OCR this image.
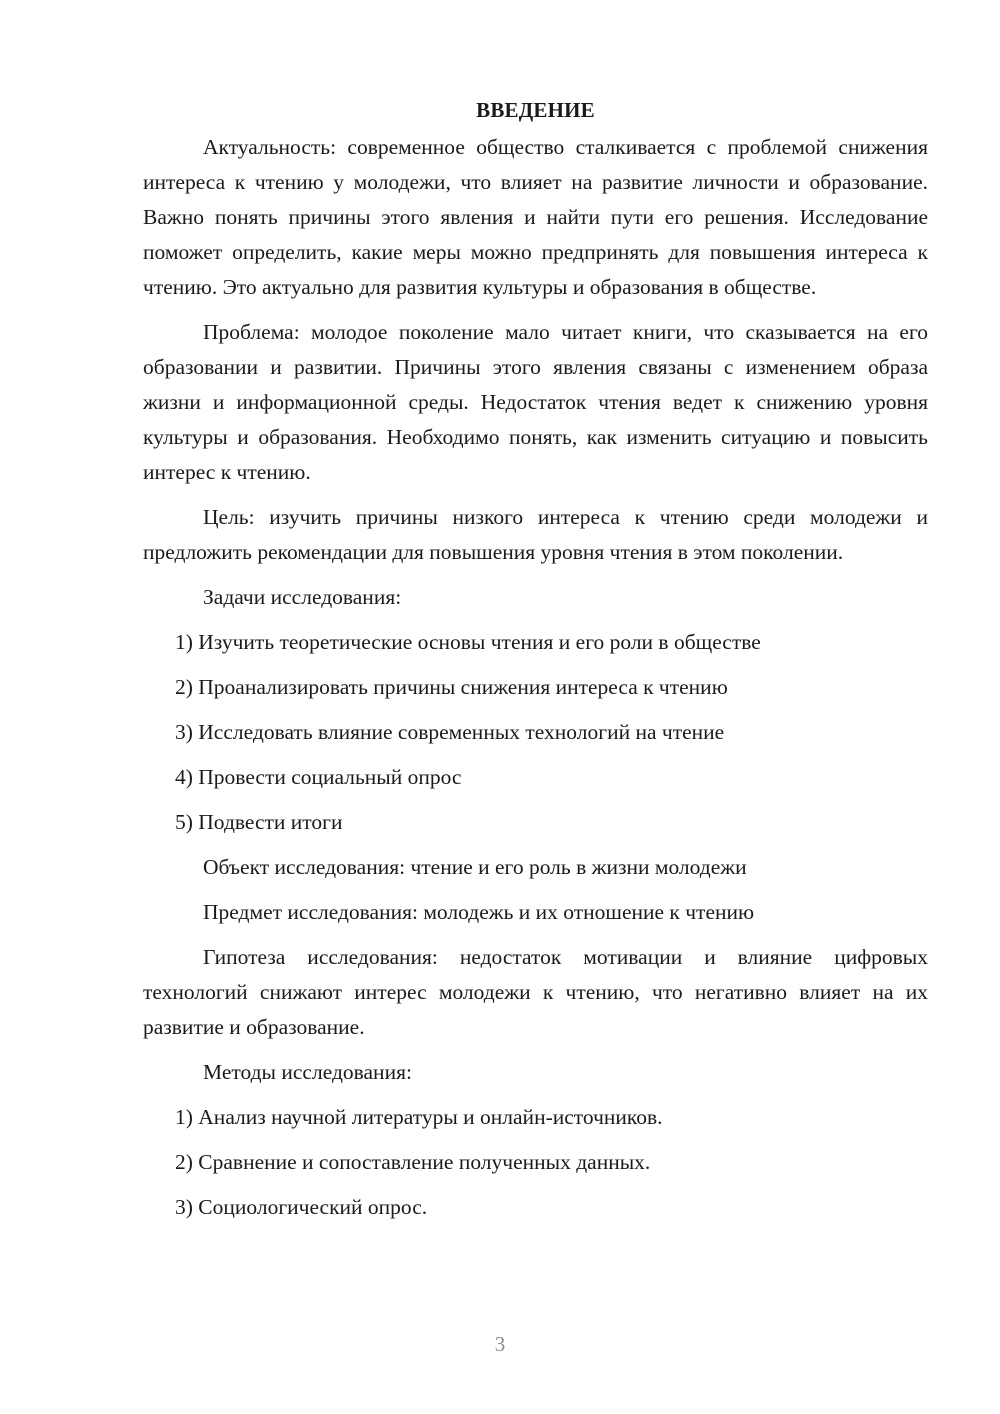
ВВЕДЕНИЕ

Актуальность: современное общество сталкивается с проблемой снижения интереса к чтению у молодежи, что влияет на развитие личности и образование. Важно понять причины этого явления и найти пути его решения. Исследование поможет определить, какие меры можно предпринять для повышения интереса к чтению. Это актуально для развития культуры и образования в обществе.

Проблема: молодое поколение мало читает книги, что сказывается на его образовании и развитии. Причины этого явления связаны с изменением образа жизни и информационной среды. Недостаток чтения ведет к снижению уровня культуры и образования. Необходимо понять, как изменить ситуацию и повысить интерес к чтению.

Цель: изучить причины низкого интереса к чтению среди молодежи и предложить рекомендации для повышения уровня чтения в этом поколении.

Задачи исследования:
1) Изучить теоретические основы чтения и его роли в обществе
2) Проанализировать причины снижения интереса к чтению
3) Исследовать влияние современных технологий на чтение
4) Провести социальный опрос
5) Подвести итоги
Объект исследования: чтение и его роль в жизни молодежи
Предмет исследования: молодежь и их отношение к чтению

Гипотеза исследования: недостаток мотивации и влияние цифровых технологий снижают интерес молодежи к чтению, что негативно влияет на их развитие и образование.

Методы исследования:
1) Анализ научной литературы и онлайн-источников.
2) Сравнение и сопоставление полученных данных.
3) Социологический опрос.
3
